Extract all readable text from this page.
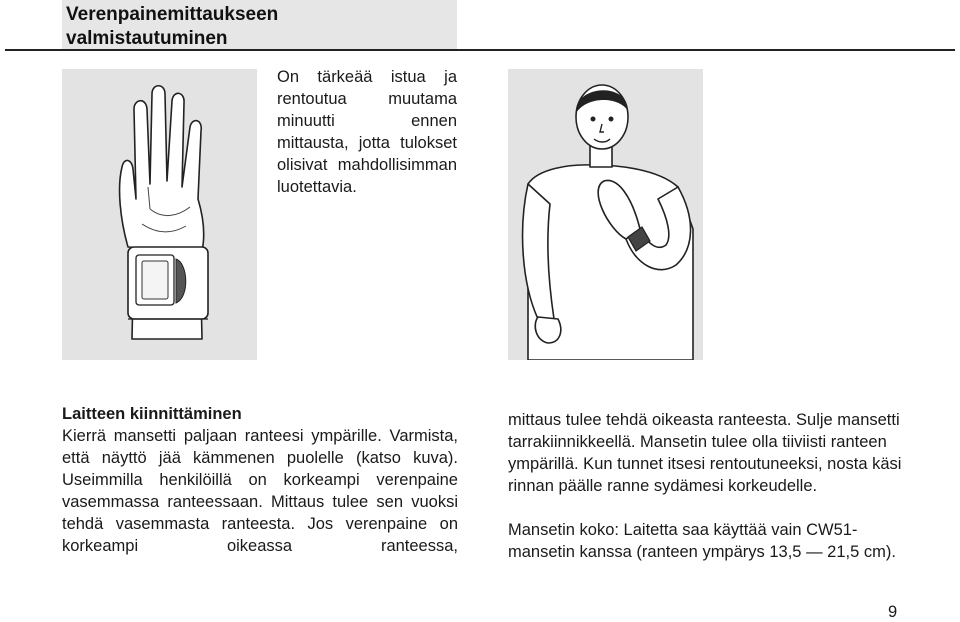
Verenpainemittaukseen
valmistautuminen
On tärkeää istua ja rentoutua muutama minuutti ennen mittausta, jotta tulokset olisivat mahdollisimman luotettavia.
Laitteen kiinnittäminen
Kierrä mansetti paljaan ranteesi ympärille. Varmista, että näyttö jää kämmenen puolelle (katso kuva). Useimmilla henkilöillä on korkeampi verenpaine vasemmassa ranteessaan. Mittaus tulee sen vuoksi tehdä vasemmasta ranteesta. Jos verenpaine on korkeampi oikeassa ranteessa,

mittaus tulee tehdä oikeasta ranteesta. Sulje mansetti tarrakiinnikkeellä. Mansetin tulee olla tiiviisti ranteen ympärillä. Kun tunnet itsesi rentoutuneeksi, nosta käsi rinnan päälle ranne sydämesi korkeudelle.

Mansetin koko: Laitetta saa käyttää vain CW51-mansetin kanssa (ranteen ympärys 13,5 — 21,5 cm).

9
